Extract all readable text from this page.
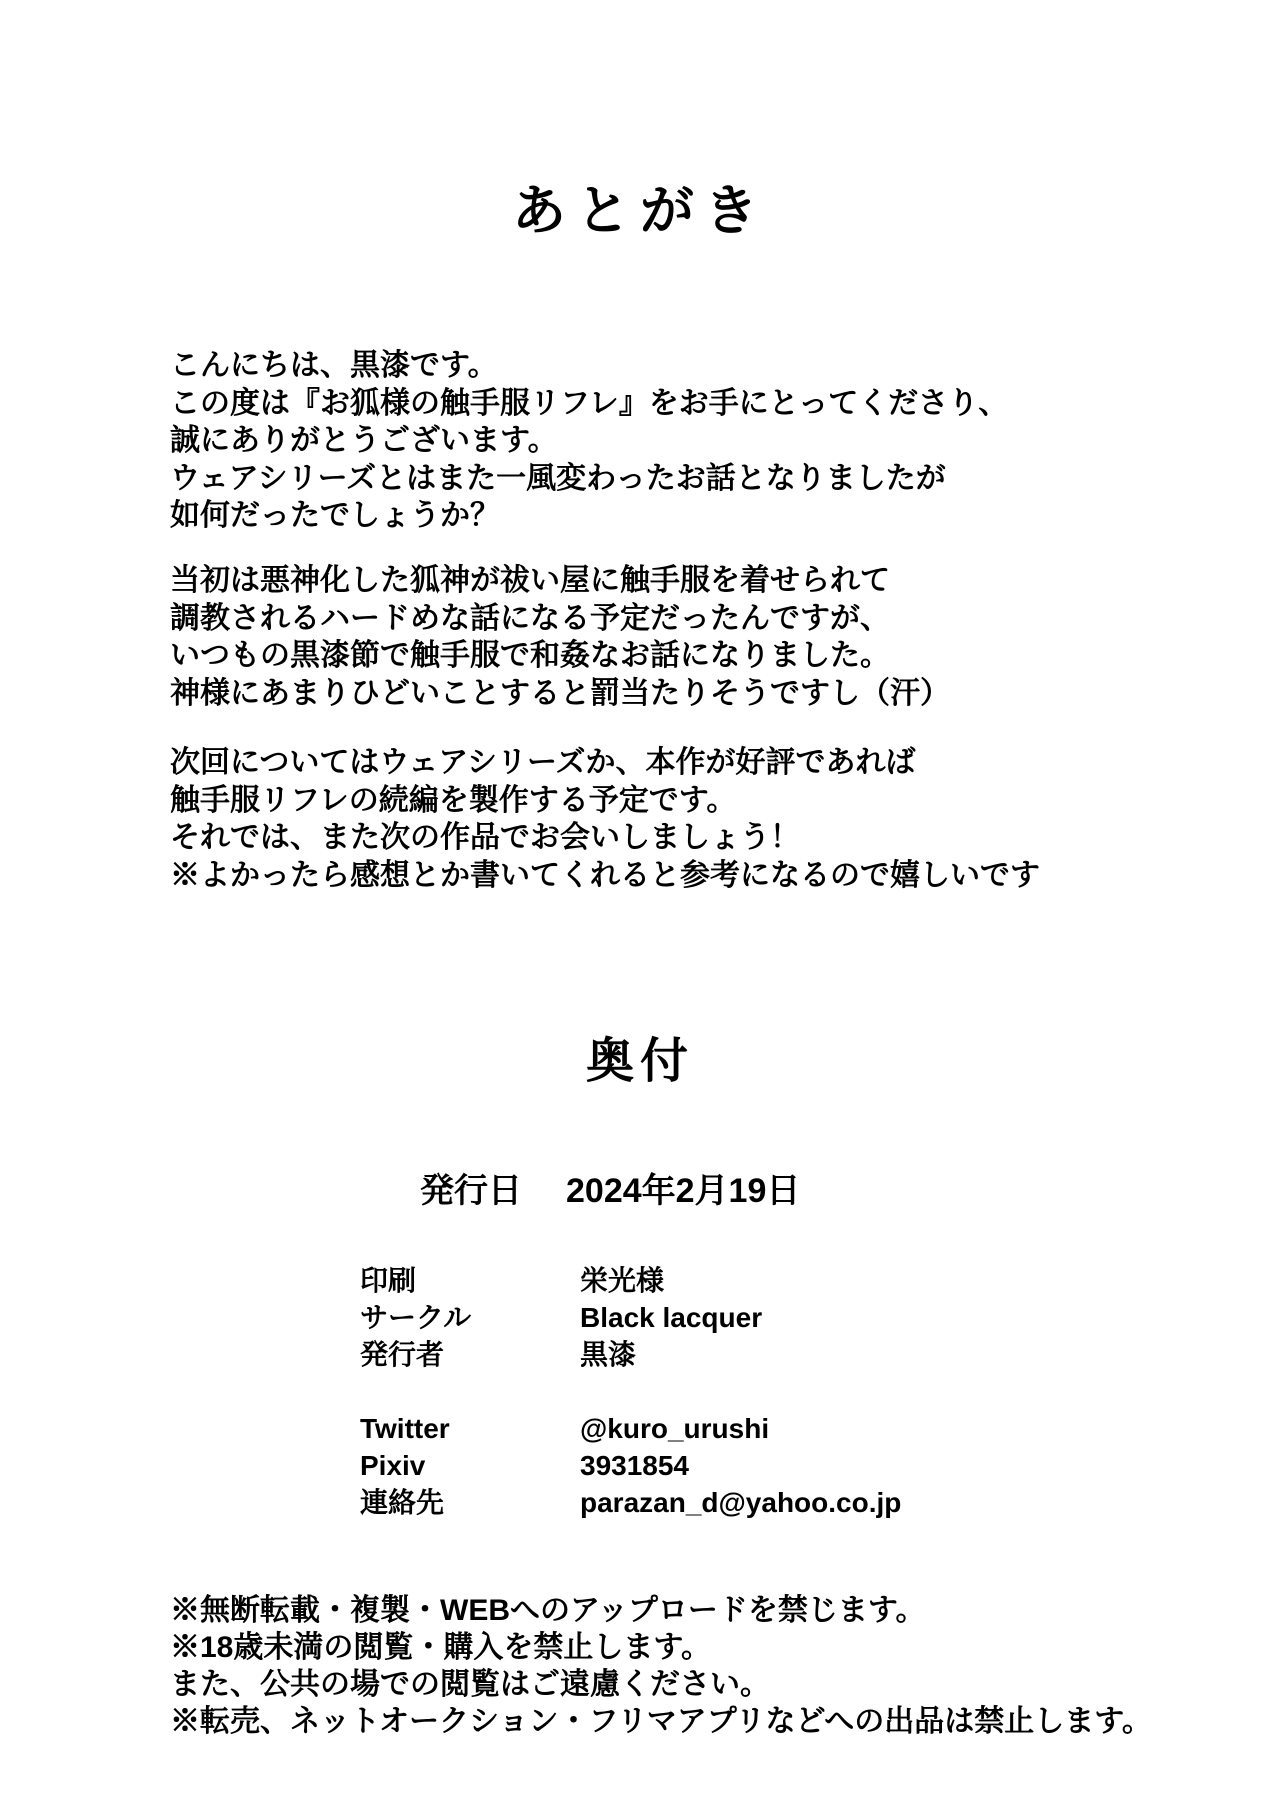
あとがき
こんにちは、黒漆です。
この度は『お狐様の触手服リフレ』をお手にとってくださり、
誠にありがとうございます。
ウェアシリーズとはまた一風変わったお話となりましたが
如何だったでしょうか？
当初は悪神化した狐神が祓い屋に触手服を着せられて
調教されるハードめな話になる予定だったんですが、
いつもの黒漆節で触手服で和姦なお話になりました。
神様にあまりひどいことすると罰当たりそうですし（汗）
次回についてはウェアシリーズか、本作が好評であれば
触手服リフレの続編を製作する予定です。
それでは、また次の作品でお会いしましょう！
※よかったら感想とか書いてくれると参考になるので嬉しいです
奥付
発行日 2024年2月19日
印刷	栄光様
サークル	Black lacquer
発行者	黒漆
Twitter	@kuro_urushi
Pixiv	3931854
連絡先	parazan_d@yahoo.co.jp
※無断転載・複製・WEBへのアップロードを禁じます。
※18歳未満の閲覧・購入を禁止します。
また、公共の場での閲覧はご遠慮ください。
※転売、ネットオークション・フリマアプリなどへの出品は禁止します。
